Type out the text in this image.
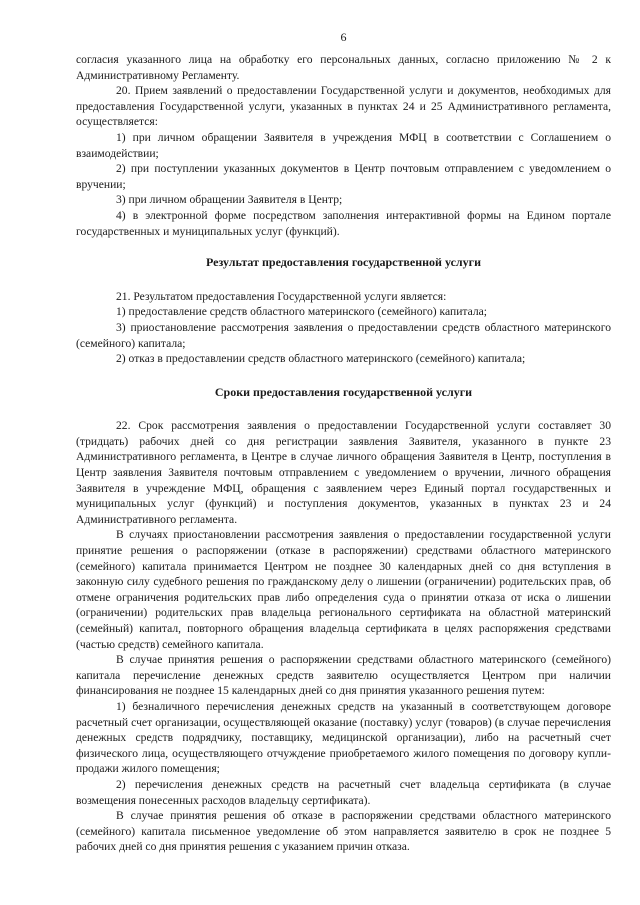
6

согласия указанного лица на обработку его персональных данных, согласно приложению № 2 к Административному Регламенту.

20. Прием заявлений о предоставлении Государственной услуги и документов, необходимых для предоставления Государственной услуги, указанных в пунктах 24 и 25 Административного регламента, осуществляется:

1) при личном обращении Заявителя в учреждения МФЦ в соответствии с Соглашением о взаимодействии;

2) при поступлении указанных документов в Центр почтовым отправлением с уведомлением о вручении;

3) при личном обращении Заявителя в Центр;

4) в электронной форме посредством заполнения интерактивной формы на Едином портале государственных и муниципальных услуг (функций).

Результат предоставления государственной услуги

21. Результатом предоставления Государственной услуги является:

1) предоставление средств областного материнского (семейного) капитала;

3) приостановление рассмотрения заявления о предоставлении средств областного материнского (семейного) капитала;

2) отказ в предоставлении средств областного материнского (семейного) капитала;

Сроки предоставления государственной услуги

22. Срок рассмотрения заявления о предоставлении Государственной услуги составляет 30 (тридцать) рабочих дней со дня регистрации заявления Заявителя, указанного в пункте 23 Административного регламента, в Центре в случае личного обращения Заявителя в Центр, поступления в Центр заявления Заявителя почтовым отправлением с уведомлением о вручении, личного обращения Заявителя в учреждение МФЦ, обращения с заявлением через Единый портал государственных и муниципальных услуг (функций) и поступления документов, указанных в пунктах 23 и 24 Административного регламента.

В случаях приостановлении рассмотрения заявления о предоставлении государственной услуги принятие решения о распоряжении (отказе в распоряжении) средствами областного материнского (семейного) капитала принимается Центром не позднее 30 календарных дней со дня вступления в законную силу судебного решения по гражданскому делу о лишении (ограничении) родительских прав, об отмене ограничения родительских прав либо определения суда о принятии отказа от иска о лишении (ограничении) родительских прав владельца регионального сертификата на областной материнский (семейный) капитал, повторного обращения владельца сертификата в целях распоряжения средствами (частью средств) семейного капитала.

В случае принятия решения о распоряжении средствами областного материнского (семейного) капитала перечисление денежных средств заявителю осуществляется Центром при наличии финансирования не позднее 15 календарных дней со дня принятия указанного решения путем:

1) безналичного перечисления денежных средств на указанный в соответствующем договоре расчетный счет организации, осуществляющей оказание (поставку) услуг (товаров) (в случае перечисления денежных средств подрядчику, поставщику, медицинской организации), либо на расчетный счет физического лица, осуществляющего отчуждение приобретаемого жилого помещения по договору купли-продажи жилого помещения;

2) перечисления денежных средств на расчетный счет владельца сертификата (в случае возмещения понесенных расходов владельцу сертификата).

В случае принятия решения об отказе в распоряжении средствами областного материнского (семейного) капитала письменное уведомление об этом направляется заявителю в срок не позднее 5 рабочих дней со дня принятия решения с указанием причин отказа.
